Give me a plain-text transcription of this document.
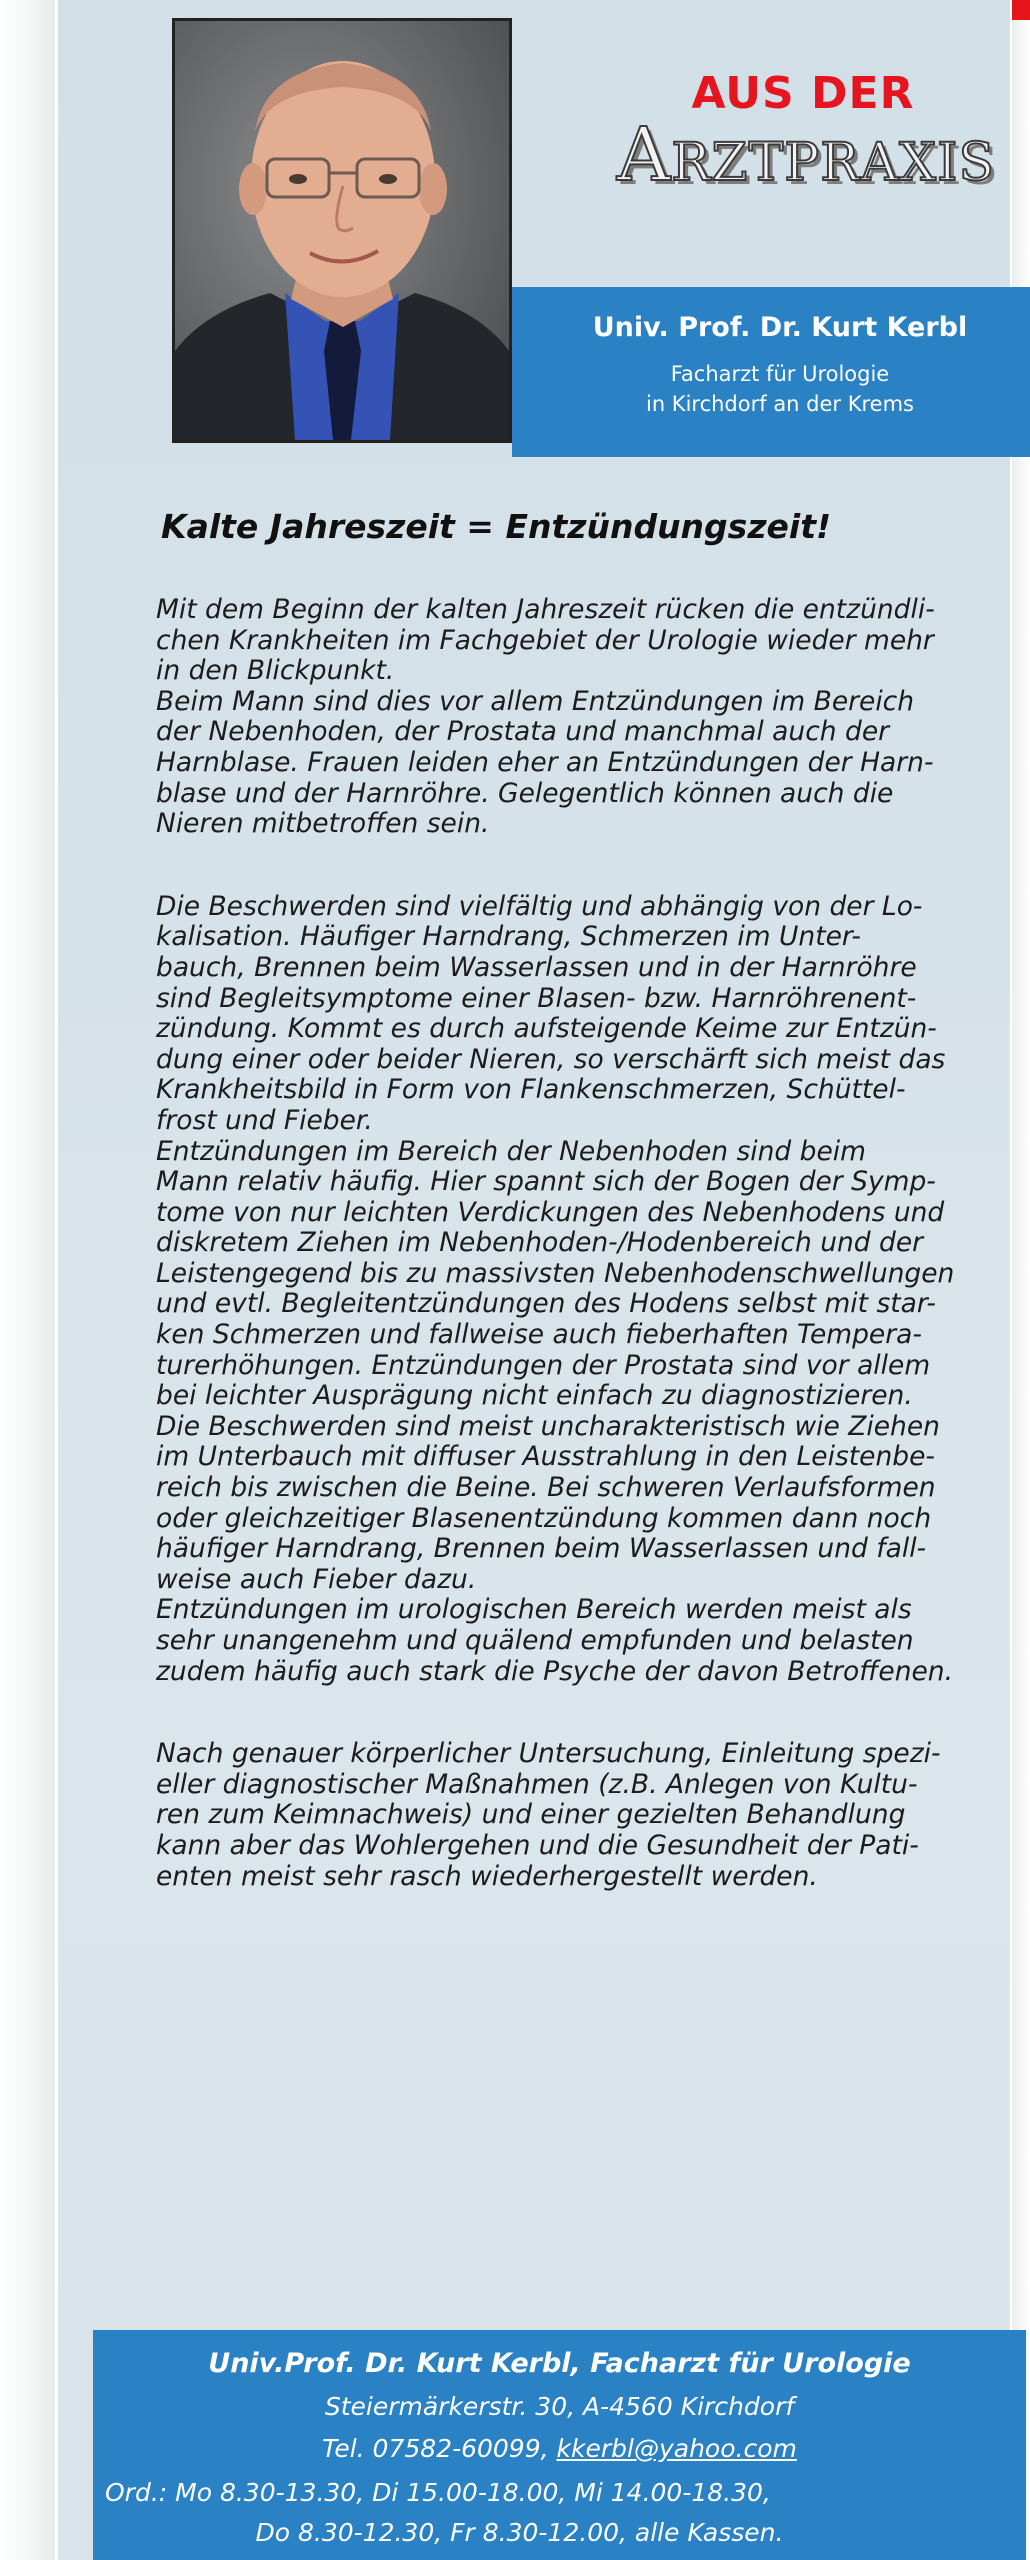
AUS DER
Arztpraxis
Univ. Prof. Dr. Kurt Kerbl
Facharzt für Urologie
in Kirchdorf an der Krems
Kalte Jahreszeit = Entzündungszeit!
Mit dem Beginn der kalten Jahreszeit rücken die entzündli-
chen Krankheiten im Fachgebiet der Urologie wieder mehr
in den Blickpunkt.
Beim Mann sind dies vor allem Entzündungen im Bereich
der Nebenhoden, der Prostata und manchmal auch der
Harnblase. Frauen leiden eher an Entzündungen der Harn-
blase und der Harnröhre. Gelegentlich können auch die
Nieren mitbetroffen sein.
Die Beschwerden sind vielfältig und abhängig von der Lo-
kalisation. Häufiger Harndrang, Schmerzen im Unter-
bauch, Brennen beim Wasserlassen und in der Harnröhre
sind Begleitsymptome einer Blasen- bzw. Harnröhrenent-
zündung. Kommt es durch aufsteigende Keime zur Entzün-
dung einer oder beider Nieren, so verschärft sich meist das
Krankheitsbild in Form von Flankenschmerzen, Schüttel-
frost und Fieber.
Entzündungen im Bereich der Nebenhoden sind beim
Mann relativ häufig. Hier spannt sich der Bogen der Symp-
tome von nur leichten Verdickungen des Nebenhodens und
diskretem Ziehen im Nebenhoden-/Hodenbereich und der
Leistengegend bis zu massivsten Nebenhodenschwellungen
und evtl. Begleitentzündungen des Hodens selbst mit star-
ken Schmerzen und fallweise auch fieberhaften Tempera-
turerhöhungen. Entzündungen der Prostata sind vor allem
bei leichter Ausprägung nicht einfach zu diagnostizieren.
Die Beschwerden sind meist uncharakteristisch wie Ziehen
im Unterbauch mit diffuser Ausstrahlung in den Leistenbe-
reich bis zwischen die Beine. Bei schweren Verlaufsformen
oder gleichzeitiger Blasenentzündung kommen dann noch
häufiger Harndrang, Brennen beim Wasserlassen und fall-
weise auch Fieber dazu.
Entzündungen im urologischen Bereich werden meist als
sehr unangenehm und quälend empfunden und belasten
zudem häufig auch stark die Psyche der davon Betroffenen.
Nach genauer körperlicher Untersuchung, Einleitung spezi-
eller diagnostischer Maßnahmen (z.B. Anlegen von Kultu-
ren zum Keimnachweis) und einer gezielten Behandlung
kann aber das Wohlergehen und die Gesundheit der Pati-
enten meist sehr rasch wiederhergestellt werden.
Univ.Prof. Dr. Kurt Kerbl, Facharzt für Urologie
Steiermärkerstr. 30, A-4560 Kirchdorf
Tel. 07582-60099, kkerbl@yahoo.com
Ord.: Mo 8.30-13.30, Di 15.00-18.00, Mi 14.00-18.30,
Do 8.30-12.30, Fr 8.30-12.00, alle Kassen.
